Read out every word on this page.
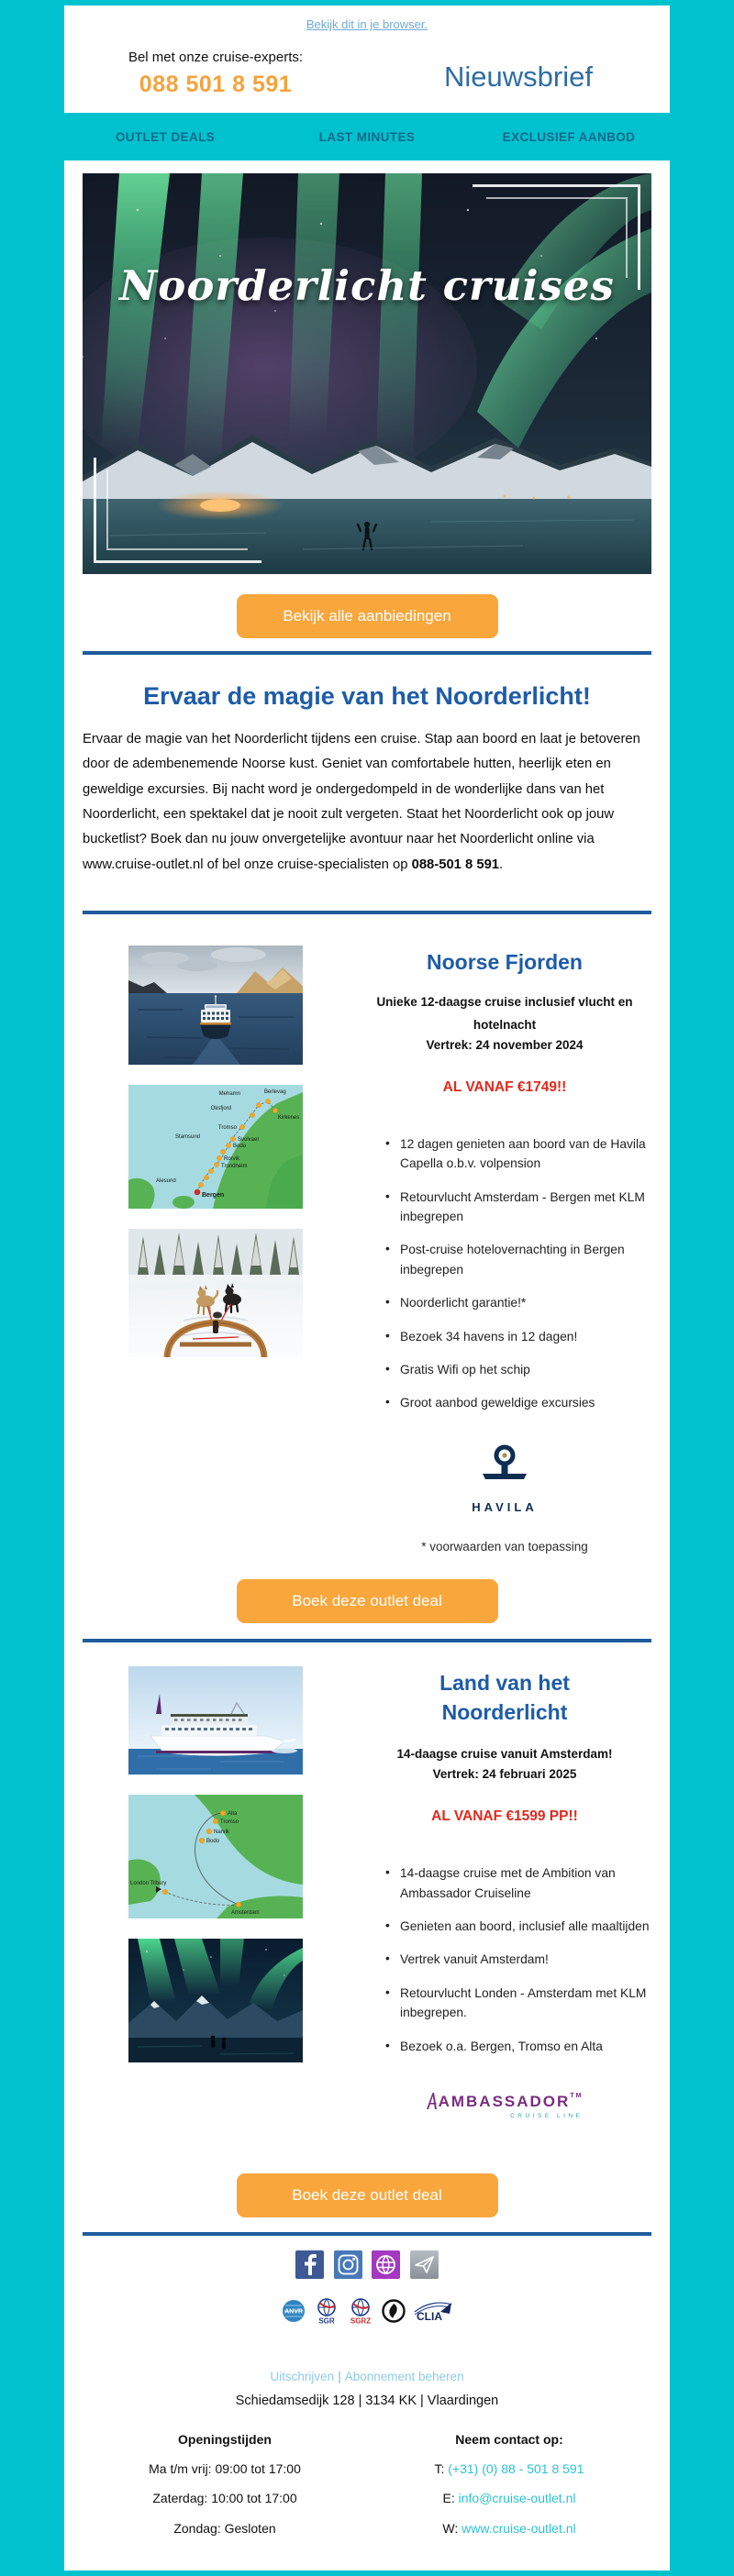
Bekijk dit in je browser.
Bel met onze cruise-experts:
088 501 8 591	Nieuwsbrief
OUTLET DEALS	LAST MINUTES	EXCLUSIEF AANBOD
Noorderlicht cruises
Bekijk alle aanbiedingen
Ervaar de magie van het Noorderlicht!

Ervaar de magie van het Noorderlicht tijdens een cruise. Stap aan boord en laat je betoveren door de adembenemende Noorse kust. Geniet van comfortabele hutten, heerlijk eten en geweldige excursies. Bij nacht word je ondergedompeld in de wonderlijke dans van het Noorderlicht, een spektakel dat je nooit zult vergeten. Staat het Noorderlicht ook op jouw bucketlist? Boek dan nu jouw onvergetelijke avontuur naar het Noorderlicht online via www.cruise-outlet.nl of bel onze cruise-specialisten op 088-501 8 591.

Mehamn	Berlevag
Oksfjord
Kirkenes
Tromso
Stamsund	Svolvaer
Bodo
Rorvik
Trondheim
Alesund
Bergen
Noorse Fjorden
Unieke 12-daagse cruise inclusief vlucht en hotelnacht
Vertrek: 24 november 2024
AL VANAF €1749!!
• 12 dagen genieten aan boord van de Havila Capella o.b.v. volpension
• Retourvlucht Amsterdam - Bergen met KLM inbegrepen
• Post-cruise hotelovernachting in Bergen inbegrepen
• Noorderlicht garantie!*
• Bezoek 34 havens in 12 dagen!
• Gratis Wifi op het schip
• Groot aanbod geweldige excursies
HAVILA
* voorwaarden van toepassing
Boek deze outlet deal
Alta
Tromso
Narvik
Bodo
Amsterdam
London Tilbury
Land van het Noorderlicht
14-daagse cruise vanuit Amsterdam!
Vertrek: 24 februari 2025
AL VANAF €1599 PP!!
• 14-daagse cruise met de Ambition van Ambassador Cruiseline
• Genieten aan boord, inclusief alle maaltijden
• Vertrek vanuit Amsterdam!
• Retourvlucht Londen - Amsterdam met KLM inbegrepen.
• Bezoek o.a. Bergen, Tromso en Alta
AMBASSADOR™
CRUISE LINE
Boek deze outlet deal

ANVR
SGR SGRZ	CLIA
Uitschrijven | Abonnement beheren
Schiedamsedijk 128 | 3134 KK | Vlaardingen
Openingstijden
Ma t/m vrij: 09:00 tot 17:00
Zaterdag: 10:00 tot 17:00
Zondag: Gesloten
Neem contact op:
T: (+31) (0) 88 - 501 8 591
E: info@cruise-outlet.nl
W: www.cruise-outlet.nl
